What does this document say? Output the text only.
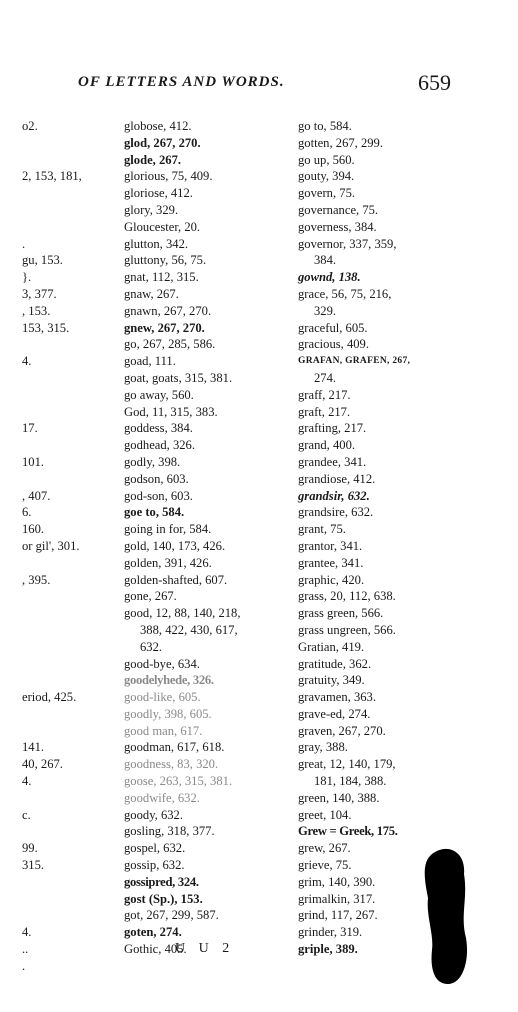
OF LETTERS AND WORDS.	659
o2.
2, 153, 181,
.
gu, 153.
}.
3, 377.
, 153.
153, 315.
4.
17.
101.
, 407.
6.
160.
or gil', 301.
, 395.
eriod, 425.
141.
40, 267.
4.
c.
99.
315.
4.
..
.
globose, 412.
glod, 267, 270.
glode, 267.
glorious, 75, 409.
gloriose, 412.
glory, 329.
Gloucester, 20.
glutton, 342.
gluttony, 56, 75.
gnat, 112, 315.
gnaw, 267.
gnawn, 267, 270.
gnew, 267, 270.
go, 267, 285, 586.
goad, 111.
goat, goats, 315, 381.
go away, 560.
God, 11, 315, 383.
goddess, 384.
godhead, 326.
godly, 398.
godson, 603.
god-son, 603.
goe to, 584.
going in for, 584.
gold, 140, 173, 426.
golden, 391, 426.
golden-shafted, 607.
gone, 267.
good, 12, 88, 140, 218,
388, 422, 430, 617,
632.
good-bye, 634.
goodelyhede, 326.
good-like, 605.
goodly, 398, 605.
good man, 617.
goodman, 617, 618.
goodness, 83, 320.
goose, 263, 315, 381.
goodwife, 632.
goody, 632.
gosling, 318, 377.
gospel, 632.
gossip, 632.
gossipred, 324.
gost (Sp.), 153.
got, 267, 299, 587.
goten, 274.
Gothic, 405.
go to, 584.
gotten, 267, 299.
go up, 560.
gouty, 394.
govern, 75.
governance, 75.
governess, 384.
governor, 337, 359,
384.
gownd, 138.
grace, 56, 75, 216,
329.
graceful, 605.
gracious, 409.
GRAFAN, GRAFEN, 267,
274.
graff, 217.
graft, 217.
grafting, 217.
grand, 400.
grandee, 341.
grandiose, 412.
grandsir, 632.
grandsire, 632.
grant, 75.
grantor, 341.
grantee, 341.
graphic, 420.
grass, 20, 112, 638.
grass green, 566.
grass ungreen, 566.
Gratian, 419.
gratitude, 362.
gratuity, 349.
gravamen, 363.
grave-ed, 274.
graven, 267, 270.
gray, 388.
great, 12, 140, 179,
181, 184, 388.
green, 140, 388.
greet, 104.
Grew = Greek, 175.
grew, 267.
grieve, 75.
grim, 140, 390.
grimalkin, 317.
grind, 117, 267.
grinder, 319.
griple, 389.
U U 2
